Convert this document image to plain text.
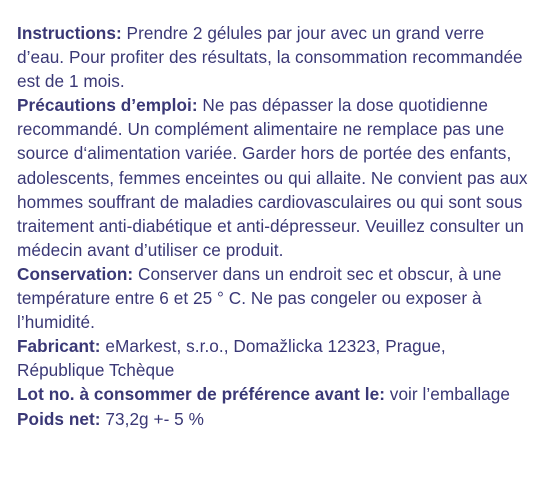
Instructions: Prendre 2 gélules par jour avec un grand verre d’eau. Pour profiter des résultats, la consommation recommandée est de 1 mois.

Précautions d’emploi: Ne pas dépasser la dose quotidienne recommandé. Un complément alimentaire ne remplace pas une source d‘alimentation variée. Garder hors de portée des enfants, adolescents, femmes enceintes ou qui allaite. Ne convient pas aux hommes souffrant de maladies cardiovasculaires ou qui sont sous traitement anti-diabétique et anti-dépresseur. Veuillez consulter un médecin avant d’utiliser ce produit.

Conservation: Conserver dans un endroit sec et obscur, à une température entre 6 et 25 ° C. Ne pas congeler ou exposer à l’humidité.

Fabricant: eMarkest, s.r.o., Domažlicka 12323, Prague, République Tchèque

Lot no. à consommer de préférence avant le: voir l’emballage

Poids net: 73,2g +- 5 %
